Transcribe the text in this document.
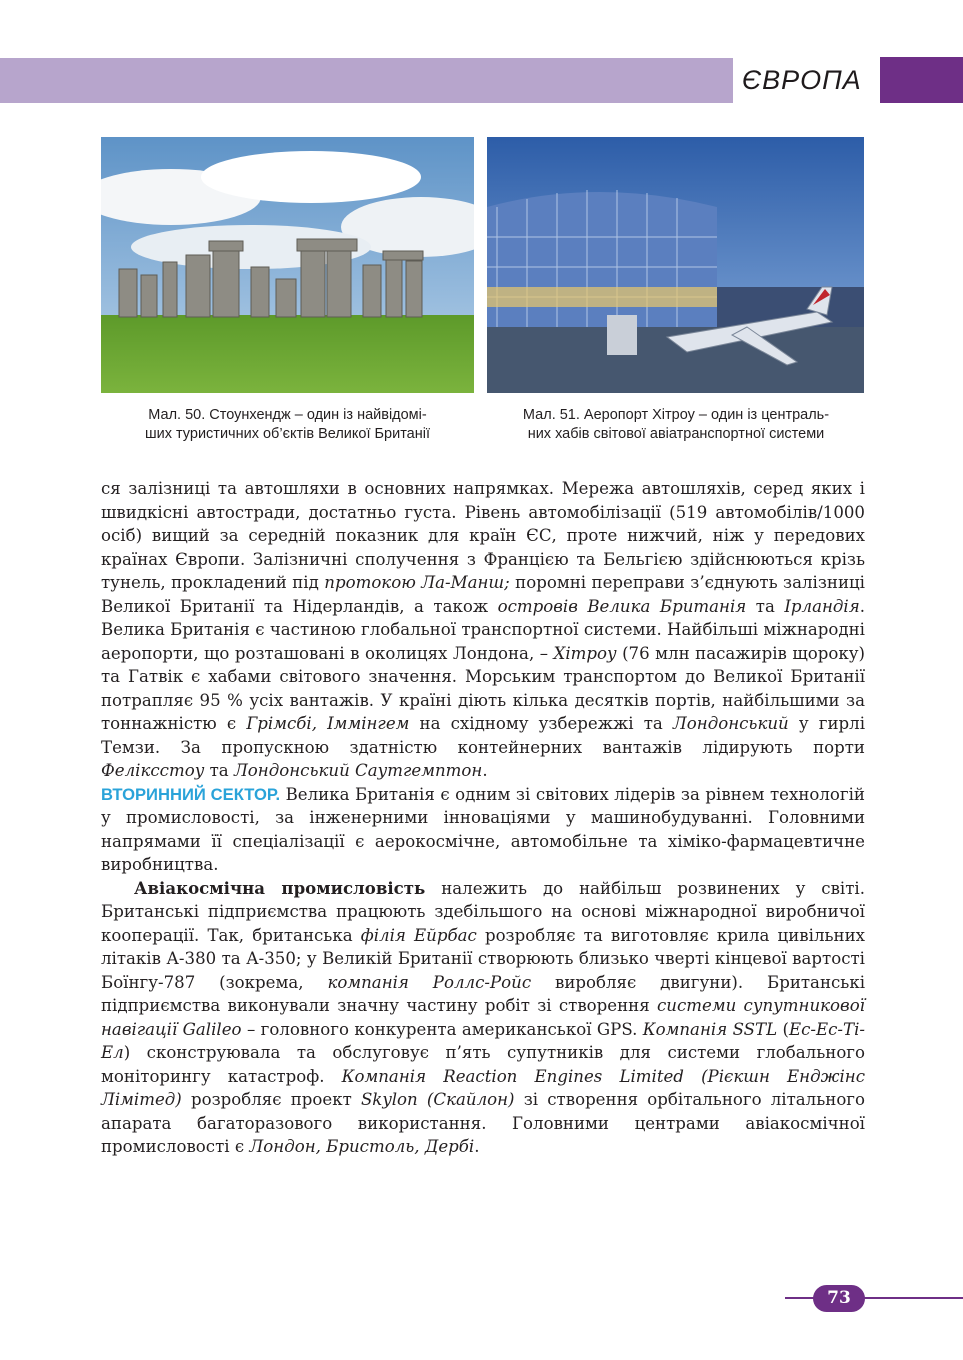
ЄВРОПА
Мал. 50. Стоунхендж – один із найвідомі-
ших туристичних об’єктів Великої Британії
Мал. 51. Аеропорт Хітроу – один із централь-
них хабів світової авіатранспортної системи

ся залізниці та автошляхи в основних напрямках. Мережа автошляхів, серед яких і швидкісні автостради, достатньо густа. Рівень автомобілізації (519 автомобілів/1000 осіб) вищий за середній показник для країн ЄС, проте нижчий, ніж у передових країнах Європи. Залізничні сполучення з Францією та Бельгією здійснюються крізь тунель, прокладений під протокою Ла-Манш; поромні переправи з’єднують залізниці Великої Британії та Нідерландів, а також островів Велика Британія та Ірландія. Велика Британія є частиною глобальної транспортної системи. Найбільші міжнародні аеропорти, що розташовані в околицях Лондона, – Хітроу (76 млн пасажирів щороку) та Гатвік є хабами світового значення. Морським транспортом до Великої Британії потрапляє 95 % усіх вантажів. У країні діють кілька десятків портів, найбільшими за тоннажністю є Грімсбі, Іммінгем на східному узбережжі та Лондонський у гирлі Темзи. За пропускною здатністю контейнерних вантажів лідирують порти Феліксстоу та Лондонський Саутгемптон.

ВТОРИННИЙ СЕКТОР. Велика Британія є одним зі світових лідерів за рівнем технологій у промисловості, за інженерними інноваціями у машинобудуванні. Головними напрямами її спеціалізації є аерокосмічне, автомобільне та хіміко-фармацевтичне виробництва.

Авіакосмічна промисловість належить до найбільш розвинених у світі. Британські підприємства працюють здебільшого на основі міжнародної виробничої кооперації. Так, британська філія Ейрбас розробляє та виготовляє крила цивільних літаків А-380 та А-350; у Великій Британії створюють близько чверті кінцевої вартості Боїнгу-787 (зокрема, компанія Роллс-Ройс виробляє двигуни). Британські підприємства виконували значну частину робіт зі створення системи супутникової навігації Galileo – головного конкурента американської GPS. Компанія SSTL (Ес-Ес-Ті-Ел) сконструювала та обслуговує п’ять супутників для системи глобального моніторингу катастроф. Компанія Reaction Engines Limited (Рієкшн Енджінс Лімітед) розробляє проект Skylon (Скайлон) зі створення орбітального літального апарата багаторазового використання. Головними центрами авіакосмічної промисловості є Лондон, Бристоль, Дербі.

73
